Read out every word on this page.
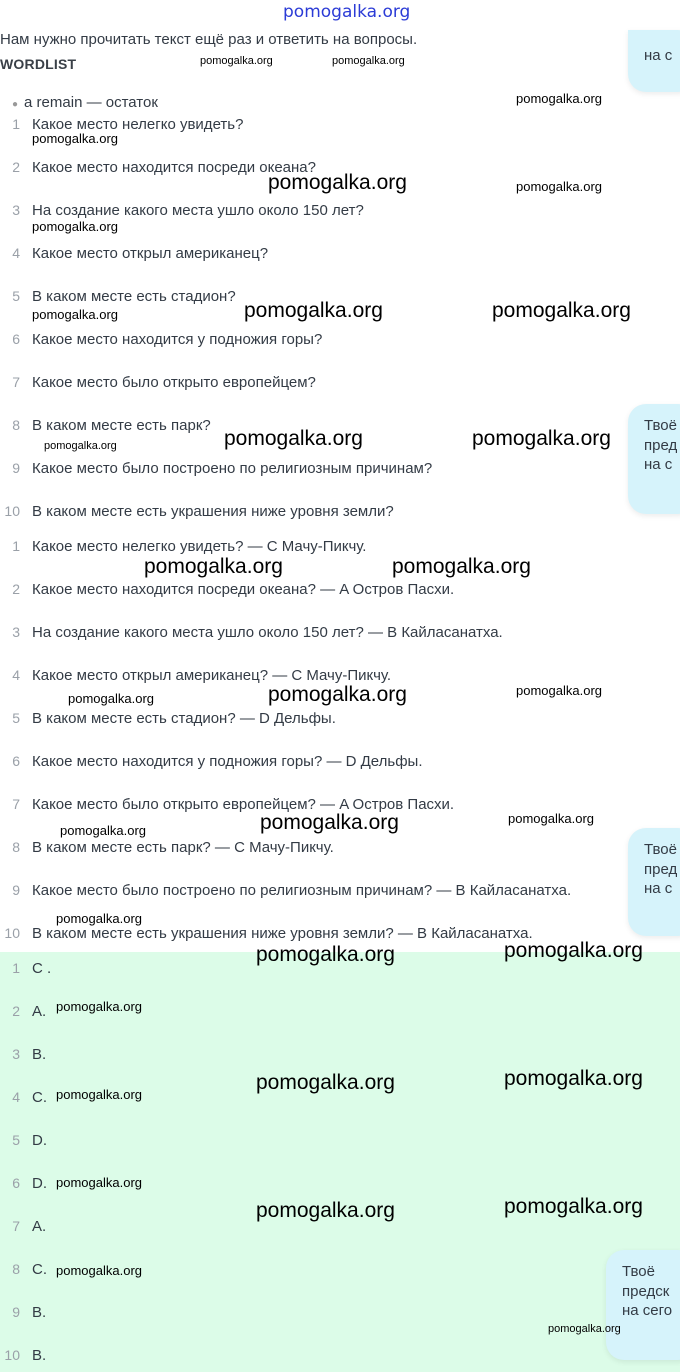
pomogalka.org
Нам нужно прочитать текст ещё раз и ответить на вопросы.
WORDLIST
● a remain — остаток
1 Какое место нелегко увидеть?
2 Какое место находится посреди океана?
3 На создание какого места ушло около 150 лет?
4 Какое место открыл американец?
5 В каком месте есть стадион?
6 Какое место находится у подножия горы?
7 Какое место было открыто европейцем?
8 В каком месте есть парк?
9 Какое место было построено по религиозным причинам?
10 В каком месте есть украшения ниже уровня земли?
1 Какое место нелегко увидеть? — C Мачу-Пикчу.
2 Какое место находится посреди океана? — A Остров Пасхи.
3 На создание какого места ушло около 150 лет? — B Кайласанатха.
4 Какое место открыл американец? — C Мачу-Пикчу.
5 В каком месте есть стадион? — D Дельфы.
6 Какое место находится у подножия горы? — D Дельфы.
7 Какое место было открыто европейцем? — A Остров Пасхи.
8 В каком месте есть парк? — C Мачу-Пикчу.
9 Какое место было построено по религиозным причинам? — B Кайласанатха.
10 В каком месте есть украшения ниже уровня земли? — B Кайласанатха.
1 C .
2 A.
3 B.
4 C.
5 D.
6 D.
7 A.
8 C.
9 B.
10 B.
на с
Твоё
пред
на с
Твоё
пред
на с
Твоё
предск
на сего
pomogalka.org	pomogalka.org
pomogalka.org
pomogalka.org
pomogalka.org	pomogalka.org
pomogalka.org
pomogalka.org	pomogalka.org
pomogalka.org
pomogalka.org	pomogalka.org
pomogalka.org
pomogalka.org	pomogalka.org
pomogalka.org	pomogalka.org
pomogalka.org
pomogalka.org	pomogalka.org
pomogalka.org
pomogalka.org
pomogalka.org	pomogalka.org
pomogalka.org
pomogalka.org	pomogalka.org
pomogalka.org
pomogalka.org
pomogalka.org	pomogalka.org
pomogalka.org
pomogalka.org
